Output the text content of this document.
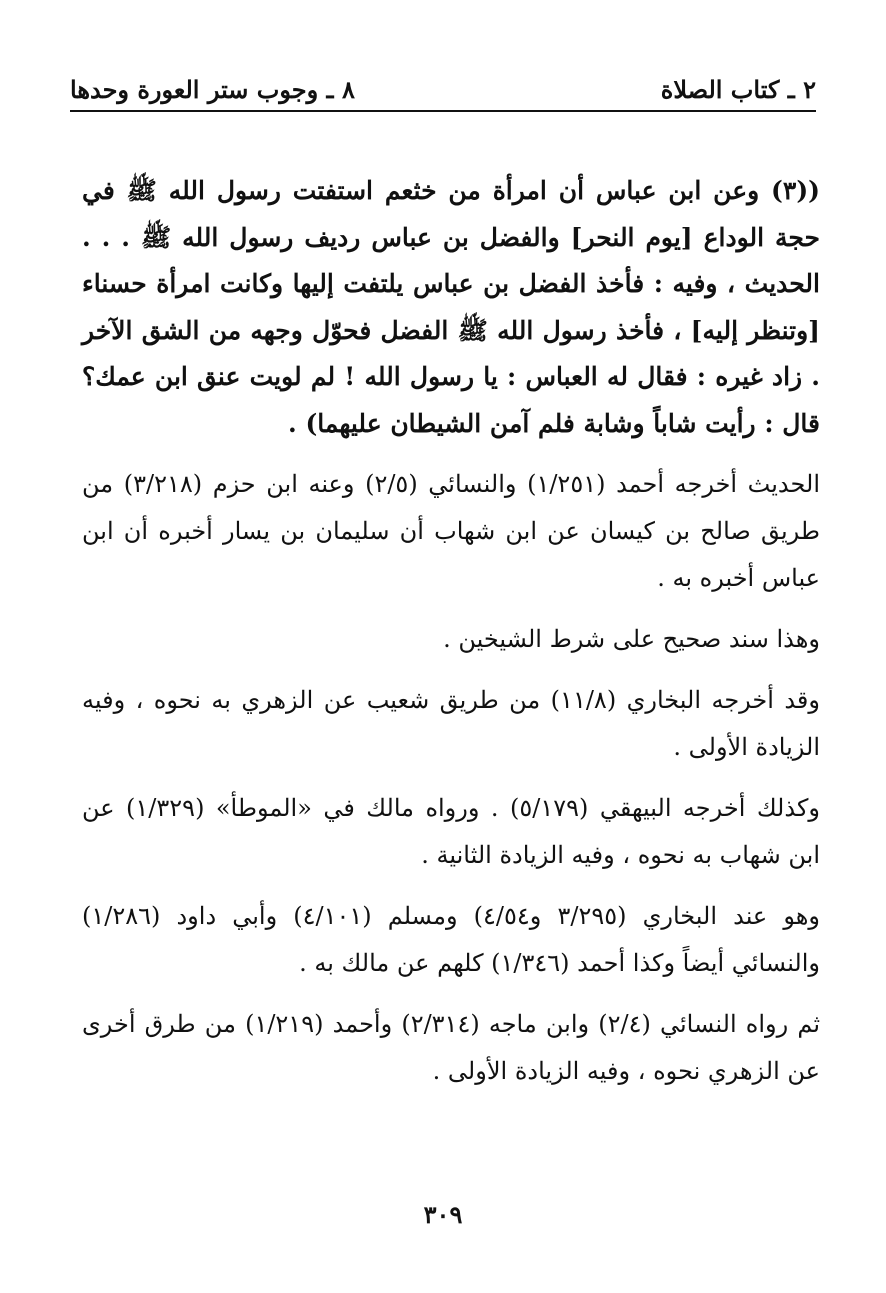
٢ ـ كتاب الصلاة
٨ ـ وجوب ستر العورة وحدها

((٣) وعن ابن عباس أن امرأة من خثعم استفتت رسول الله ﷺ في حجة الوداع [يوم النحر] والفضل بن عباس رديف رسول الله ﷺ . . . الحديث ، وفيه : فأخذ الفضل بن عباس يلتفت إليها وكانت امرأة حسناء [وتنظر إليه] ، فأخذ رسول الله ﷺ الفضل فحوّل وجهه من الشق الآخر . زاد غيره : فقال له العباس : يا رسول الله ! لم لويت عنق ابن عمك؟ قال : رأيت شاباً وشابة فلم آمن الشيطان عليهما) .

الحديث أخرجه أحمد (١/٢٥١) والنسائي (٢/٥) وعنه ابن حزم (٣/٢١٨) من طريق صالح بن كيسان عن ابن شهاب أن سليمان بن يسار أخبره أن ابن عباس أخبره به .

وهذا سند صحيح على شرط الشيخين .

وقد أخرجه البخاري (١١/٨) من طريق شعيب عن الزهري به نحوه ، وفيه الزيادة الأولى .

وكذلك أخرجه البيهقي (٥/١٧٩) . ورواه مالك في «الموطأ» (١/٣٢٩) عن ابن شهاب به نحوه ، وفيه الزيادة الثانية .

وهو عند البخاري (٣/٢٩٥ و٤/٥٤) ومسلم (٤/١٠١) وأبي داود (١/٢٨٦) والنسائي أيضاً وكذا أحمد (١/٣٤٦) كلهم عن مالك به .

ثم رواه النسائي (٢/٤) وابن ماجه (٢/٣١٤) وأحمد (١/٢١٩) من طرق أخرى عن الزهري نحوه ، وفيه الزيادة الأولى .

٣٠٩
